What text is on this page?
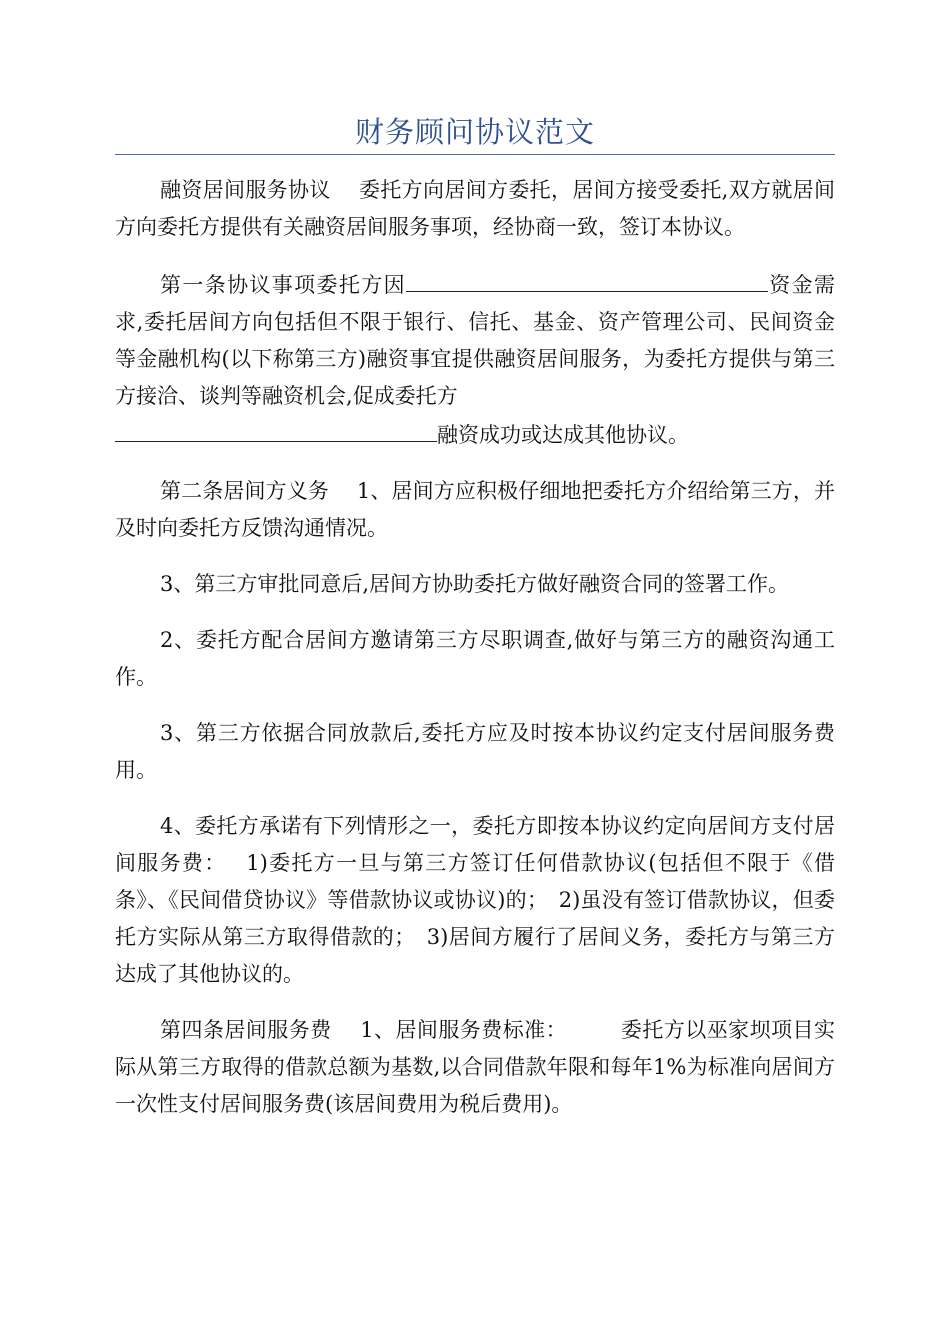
财务顾问协议范文

融资居间服务协议　 委托方向居间方委托，居间方接受委托,双方就居间方向委托方提供有关融资居间服务事项，经协商一致，签订本协议。

第一条协议事项委托方因	资金需求,委托居间方向包括但不限于银行、信托、基金、资产管理公司、民间资金等金融机构(以下称第三方)融资事宜提供融资居间服务，为委托方提供与第三方接洽、谈判等融资机会,促成委托方
融资成功或达成其他协议。

第二条居间方义务　 1、居间方应积极仔细地把委托方介绍给第三方，并及时向委托方反馈沟通情况。

3、第三方审批同意后,居间方协助委托方做好融资合同的签署工作。

2、委托方配合居间方邀请第三方尽职调查,做好与第三方的融资沟通工作。

3、第三方依据合同放款后,委托方应及时按本协议约定支付居间服务费用。

4、委托方承诺有下列情形之一，委托方即按本协议约定向居间方支付居间服务费：　 1)委托方一旦与第三方签订任何借款协议(包括但不限于《借条》、《民间借贷协议》等借款协议或协议)的；　2)虽没有签订借款协议，但委托方实际从第三方取得借款的；　3)居间方履行了居间义务，委托方与第三方达成了其他协议的。

第四条居间服务费　 1、居间服务费标准：　　　委托方以巫家坝项目实际从第三方取得的借款总额为基数,以合同借款年限和每年1%为标准向居间方一次性支付居间服务费(该居间费用为税后费用)。
